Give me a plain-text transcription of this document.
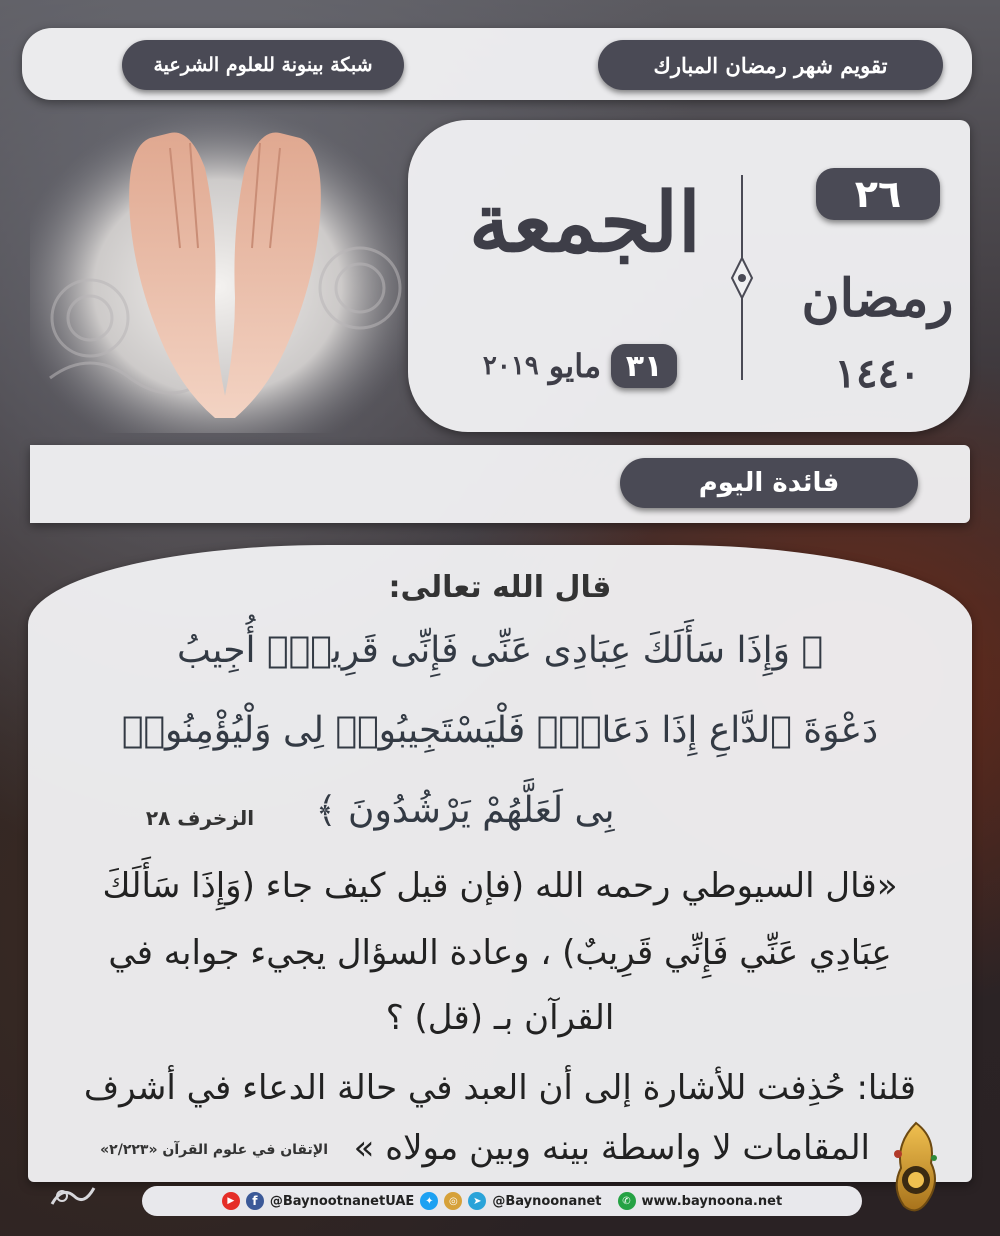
تقويم شهر رمضان المبارك
شبكة بينونة للعلوم الشرعية
٢٦
رمضان
١٤٤٠
الجمعة
٣١
مايو
٢٠١٩
فائدة اليوم
قال الله تعالى:
﴿ وَإِذَا سَأَلَكَ عِبَادِى عَنِّى فَإِنِّى قَرِيبٌۖ أُجِيبُ
دَعْوَةَ ٱلدَّاعِ إِذَا دَعَانِۖ فَلْيَسْتَجِيبُوا۟ لِى وَلْيُؤْمِنُوا۟
بِى لَعَلَّهُمْ يَرْشُدُونَ ﴾
الزخرف ٢٨
«قال السيوطي رحمه الله (فإن قيل كيف جاء (وَإِذَا سَأَلَكَ
عِبَادِي عَنِّي فَإِنِّي قَرِيبٌ) ، وعادة السؤال يجيء جوابه في
القرآن بـ (قل) ؟
قلنا: حُذِفت للأشارة إلى أن العبد في حالة الدعاء في أشرف
المقامات لا واسطة بينه وبين مولاه »
الإتقان في علوم القرآن «٢/٢٢٣»
▶	f @BaynootnanetUAE	✦	◎	➤ @Baynoonanet	✆ www.baynoona.net
